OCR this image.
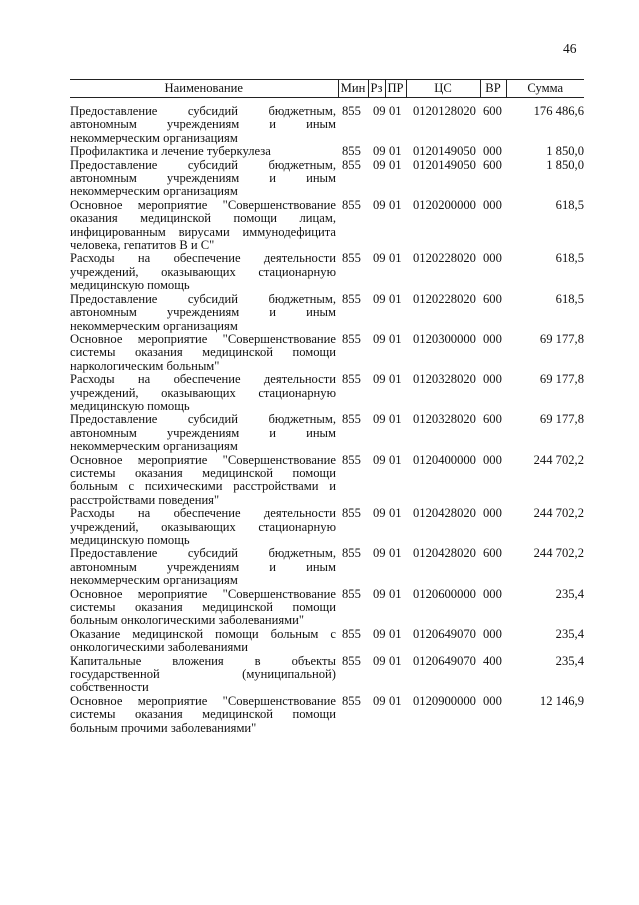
46
Наименование	Мин	Рз	ПР	ЦС	ВР	Сумма
Предоставление субсидий бюджетным, автономным учреждениям и иным некоммерческим организациям	855	09	01	0120128020	600	176 486,6
Профилактика и лечение туберкулеза	855	09	01	0120149050	000	1 850,0
Предоставление субсидий бюджетным, автономным учреждениям и иным некоммерческим организациям	855	09	01	0120149050	600	1 850,0
Основное мероприятие "Совершенствование оказания медицинской помощи лицам, инфицированным вирусами иммунодефицита человека, гепатитов В и С"	855	09	01	0120200000	000	618,5
Расходы на обеспечение деятельности учреждений, оказывающих стационарную медицинскую помощь	855	09	01	0120228020	000	618,5
Предоставление субсидий бюджетным, автономным учреждениям и иным некоммерческим организациям	855	09	01	0120228020	600	618,5
Основное мероприятие "Совершенствование системы оказания медицинской помощи наркологическим больным"	855	09	01	0120300000	000	69 177,8
Расходы на обеспечение деятельности учреждений, оказывающих стационарную медицинскую помощь	855	09	01	0120328020	000	69 177,8
Предоставление субсидий бюджетным, автономным учреждениям и иным некоммерческим организациям	855	09	01	0120328020	600	69 177,8
Основное мероприятие "Совершенствование системы оказания медицинской помощи больным с психическими расстройствами и расстройствами поведения"	855	09	01	0120400000	000	244 702,2
Расходы на обеспечение деятельности учреждений, оказывающих стационарную медицинскую помощь	855	09	01	0120428020	000	244 702,2
Предоставление субсидий бюджетным, автономным учреждениям и иным некоммерческим организациям	855	09	01	0120428020	600	244 702,2
Основное мероприятие "Совершенствование системы оказания медицинской помощи больным онкологическими заболеваниями"	855	09	01	0120600000	000	235,4
Оказание медицинской помощи больным с онкологическими заболеваниями	855	09	01	0120649070	000	235,4
Капитальные вложения в объекты государственной (муниципальной) собственности	855	09	01	0120649070	400	235,4
Основное мероприятие "Совершенствование системы оказания медицинской помощи больным прочими заболеваниями"	855	09	01	0120900000	000	12 146,9
